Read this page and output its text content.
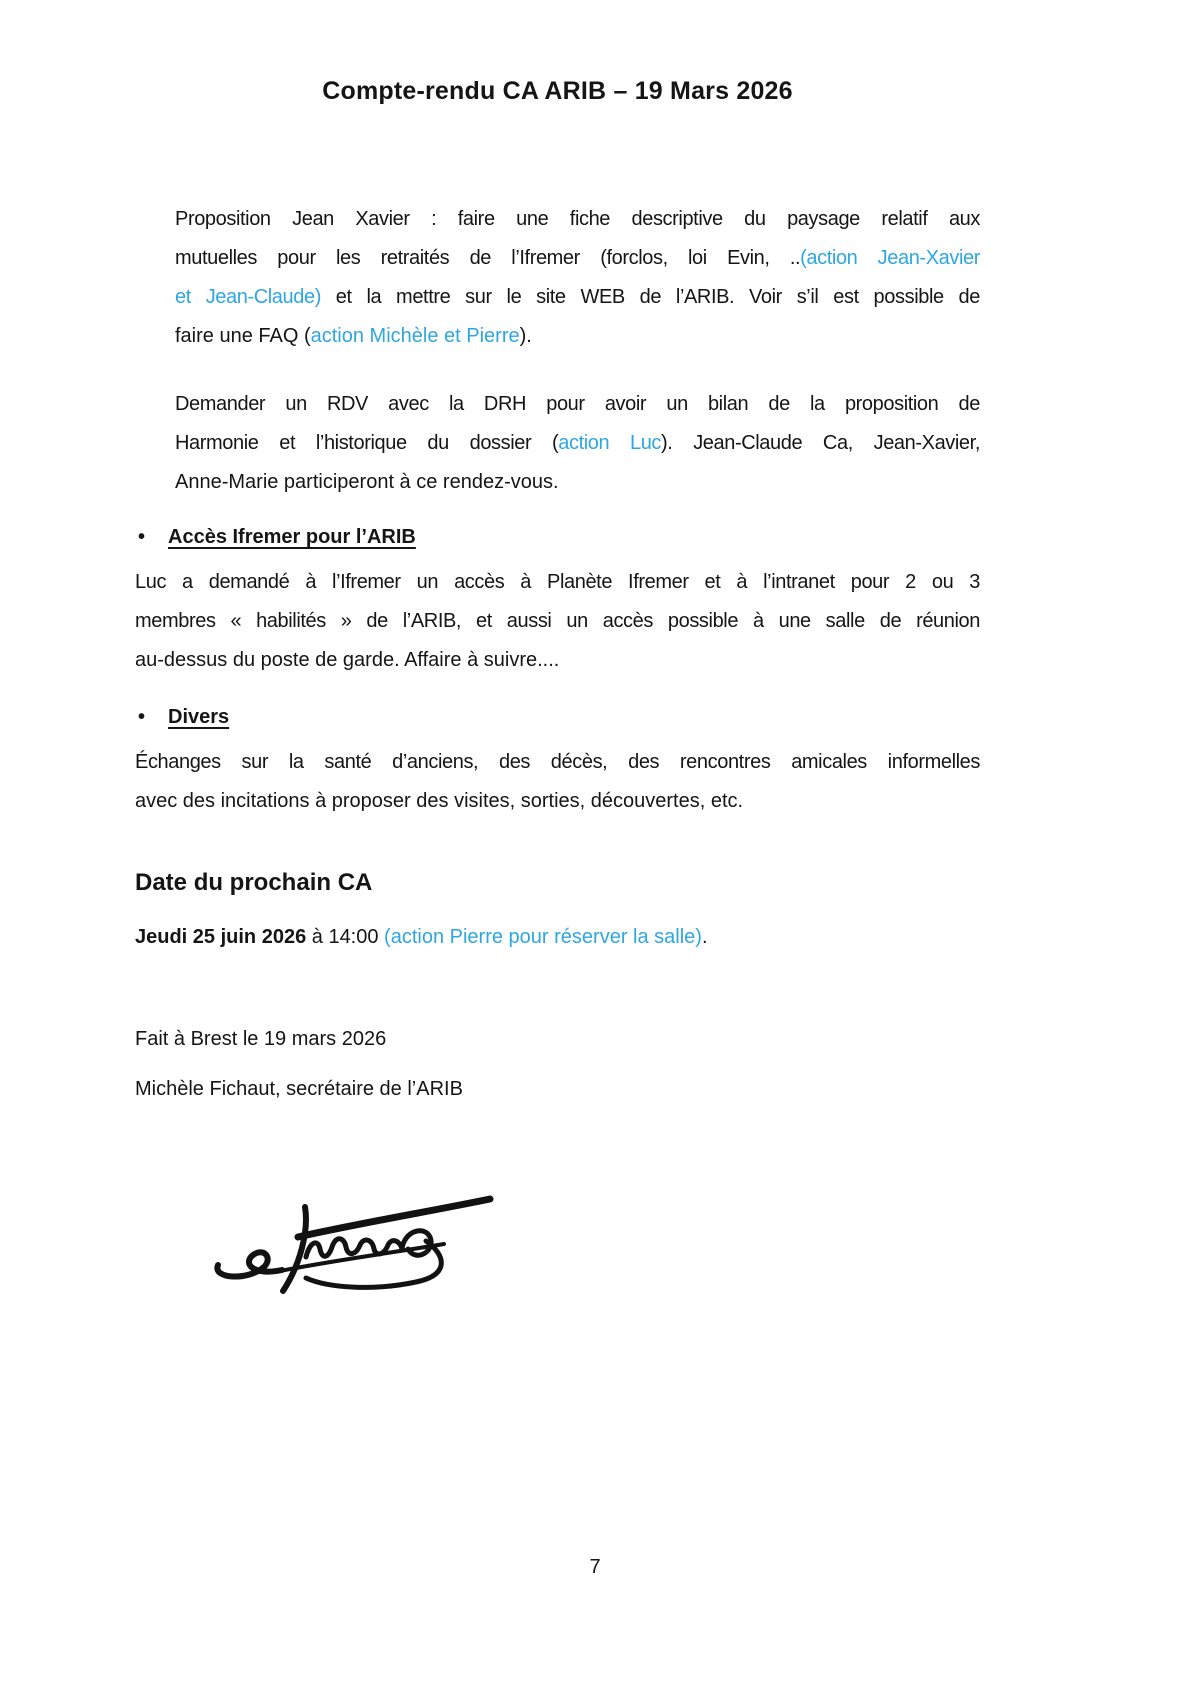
Compte-rendu CA ARIB – 19 Mars 2026
Proposition Jean Xavier : faire une fiche descriptive du paysage relatif aux
mutuelles pour les retraités de l’Ifremer (forclos, loi Evin, ..(action Jean-Xavier
et Jean-Claude) et la mettre sur le site WEB de l’ARIB. Voir s’il est possible de
faire une FAQ (action Michèle et Pierre).
Demander un RDV avec la DRH pour avoir un bilan de la proposition de
Harmonie et l’historique du dossier (action Luc). Jean-Claude Ca, Jean-Xavier,
Anne-Marie participeront à ce rendez-vous.
• Accès Ifremer pour l’ARIB
Luc a demandé à l’Ifremer un accès à Planète Ifremer et à l’intranet pour 2 ou 3
membres « habilités » de l’ARIB, et aussi un accès possible à une salle de réunion
au-dessus du poste de garde. Affaire à suivre....
• Divers
Échanges sur la santé d’anciens, des décès, des rencontres amicales informelles
avec des incitations à proposer des visites, sorties, découvertes, etc.
Date du prochain CA
Jeudi 25 juin 2026 à 14:00 (action Pierre pour réserver la salle).
Fait à Brest le 19 mars 2026
Michèle Fichaut, secrétaire de l’ARIB
7
